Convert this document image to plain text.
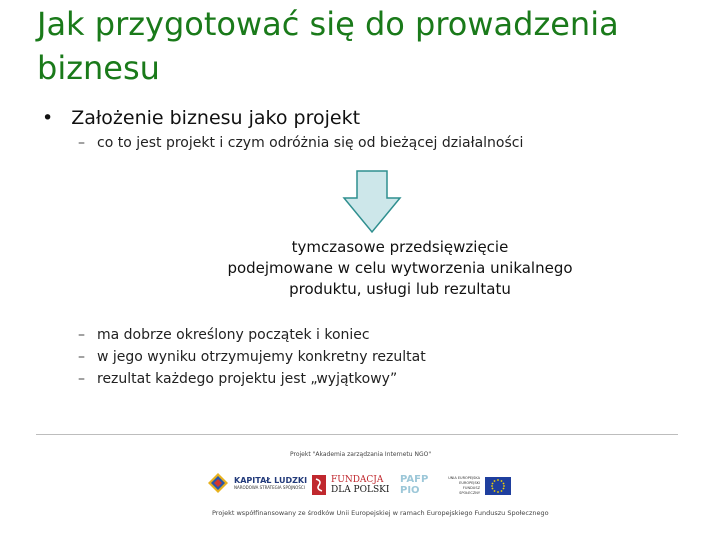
Jak przygotować się do prowadzenia biznesu
• Założenie biznesu jako projekt
– co to jest projekt i czym odróżnia się od bieżącej działalności
tymczasowe przedsięwzięcie
podejmowane w celu wytworzenia unikalnego
produktu, usługi lub rezultatu
– ma dobrze określony początek i koniec
– w jego wyniku otrzymujemy konkretny rezultat
– rezultat każdego projektu jest „wyjątkowy”
Projekt "Akademia zarządzania Internetu NGO"
KAPITAŁ LUDZKI
NARODOWA STRATEGIA SPÓJNOŚCI
FUNDACJA
DLA POLSKI
PAFP
PIO
UNIA EUROPEJSKA
EUROPEJSKI
FUNDUSZ SPOŁECZNY
Projekt współfinansowany ze środków Unii Europejskiej w ramach Europejskiego Funduszu Społecznego
